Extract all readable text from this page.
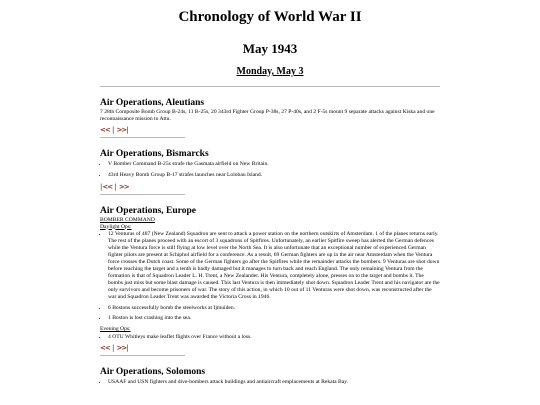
Chronology of World War II
May 1943
Monday, May 3
Air Operations, Aleutians
7 28th Composite Bomb Group B-24s, 11 B-25s, 20 343rd Fighter Group P-38s, 27 P-40s, and 2 F-5s mount 9 separate attacks against Kiska and one reconnaissance mission to Attu.
<< | >>|
Air Operations, Bismarcks
• V Bomber Command B-25s strafe the Gasmata airfield on New Britain.
• 43rd Heavy Bomb Group B-17 strafes launches near Lolobau Island.
|<< | >>
Air Operations, Europe
BOMBER COMMAND
Daylight Ops:
• 12 Venturas of 487 (New Zealand) Squadron are sent to attack a power station on the northern outskirts of Amsterdam. 1 of the planes returns early. The rest of the planes proceed with an escort of 3 squadrons of Spitfires. Unfortunately, an earlier Spitfire sweep has alerted the German defences while the Ventura force is still flying at low level over the North Sea. It is also unfortunate that an exceptional number of experienced German fighter pilots are present at Schiphol airfield for a conference. As a result, 69 German fighters are up in the air near Amsterdam when the Ventura force crosses the Dutch coast. Some of the German fighters go after the Spitfires while the remainder attacks the bombers. 9 Venturas are shot down before reaching the target and a tenth is badly damaged but it manages to turn back and reach England. The only remaining Ventura from the formation is that of Squadron Leader L. H. Trent, a New Zealander. His Ventura, completely alone, presses on to the target and bombs it. The bombs just miss but some blast damage is caused. This last Ventura is then immediately shot down. Squadron Leader Trent and his navigator are the only survivors and become prisoners of war. The story of this action, in which 10 out of 11 Venturas were shot down, was reconstructed after the war and Squadron Leader Trent was awarded the Victoria Cross in 1946.
• 6 Bostons successfully bomb the steelworks at Ijmuiden.
• 1 Boston is lost crashing into the sea.
Evening Ops:
• 4 OTU Whitleys make leaflet flights over France without a loss.
<< | >>|
Air Operations, Solomons
• USAAF and USN fighters and dive-bombers attack buildings and antiaircraft emplacements at Rekata Bay.
